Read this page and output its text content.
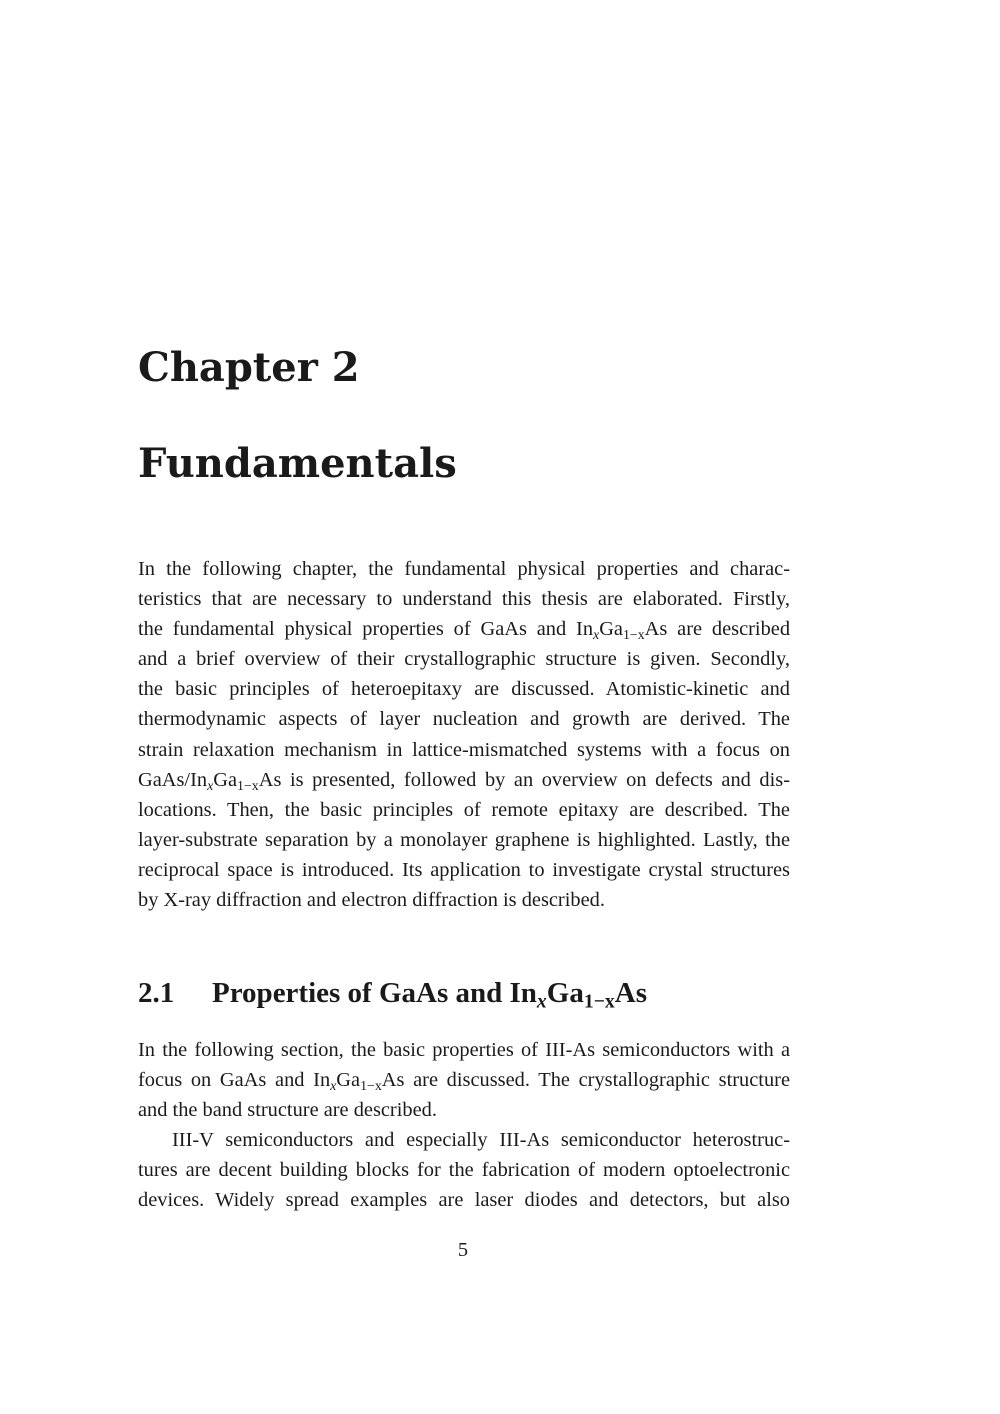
Chapter 2
Fundamentals
In the following chapter, the fundamental physical properties and charac-
teristics that are necessary to understand this thesis are elaborated. Firstly,
the fundamental physical properties of GaAs and $In_xGa_{1-x}As$ are described
and a brief overview of their crystallographic structure is given. Secondly,
the basic principles of heteroepitaxy are discussed. Atomistic-kinetic and
thermodynamic aspects of layer nucleation and growth are derived. The
strain relaxation mechanism in lattice-mismatched systems with a focus on
GaAs/$In_xGa_{1-x}As$ is presented, followed by an overview on defects and dis-
locations. Then, the basic principles of remote epitaxy are described. The
layer-substrate separation by a monolayer graphene is highlighted. Lastly, the
reciprocal space is introduced. Its application to investigate crystal structures
by X-ray diffraction and electron diffraction is described.
2.1 Properties of GaAs and $In_xGa_{1-x}As$
In the following section, the basic properties of III-As semiconductors with a
focus on GaAs and $In_xGa_{1-x}As$ are discussed. The crystallographic structure
and the band structure are described.
III-V semiconductors and especially III-As semiconductor heterostruc-
tures are decent building blocks for the fabrication of modern optoelectronic
devices. Widely spread examples are laser diodes and detectors, but also
5
